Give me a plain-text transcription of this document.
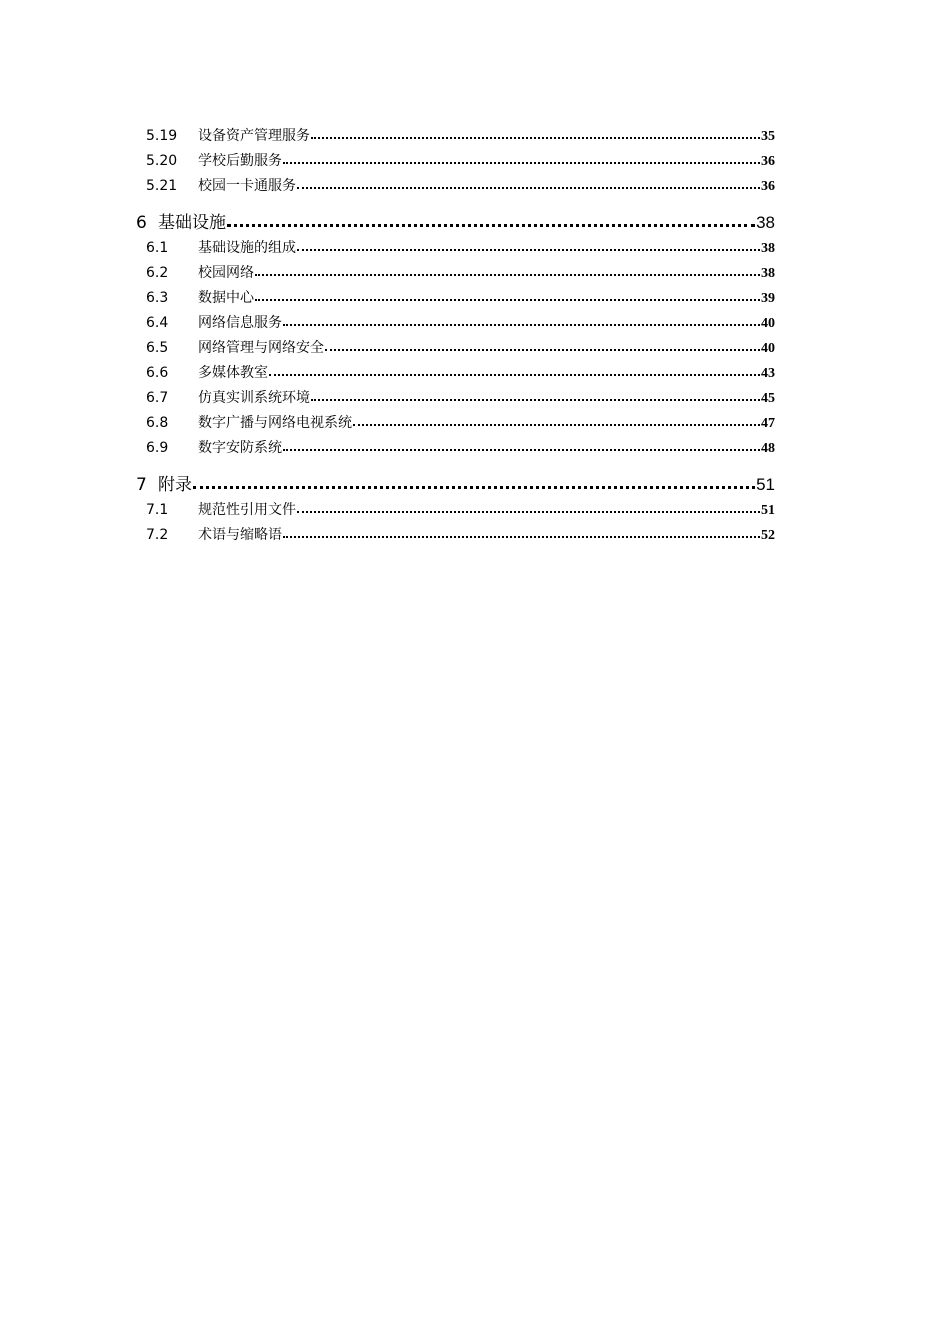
5.19	设备资产管理服务	35
5.20	学校后勤服务	36
5.21	校园一卡通服务	36
6 基础设施	38
6.1	基础设施的组成	38
6.2	校园网络	38
6.3	数据中心	39
6.4	网络信息服务	40
6.5	网络管理与网络安全	40
6.6	多媒体教室	43
6.7	仿真实训系统环境	45
6.8	数字广播与网络电视系统	47
6.9	数字安防系统	48
7 附录	51
7.1	规范性引用文件	51
7.2	术语与缩略语	52
